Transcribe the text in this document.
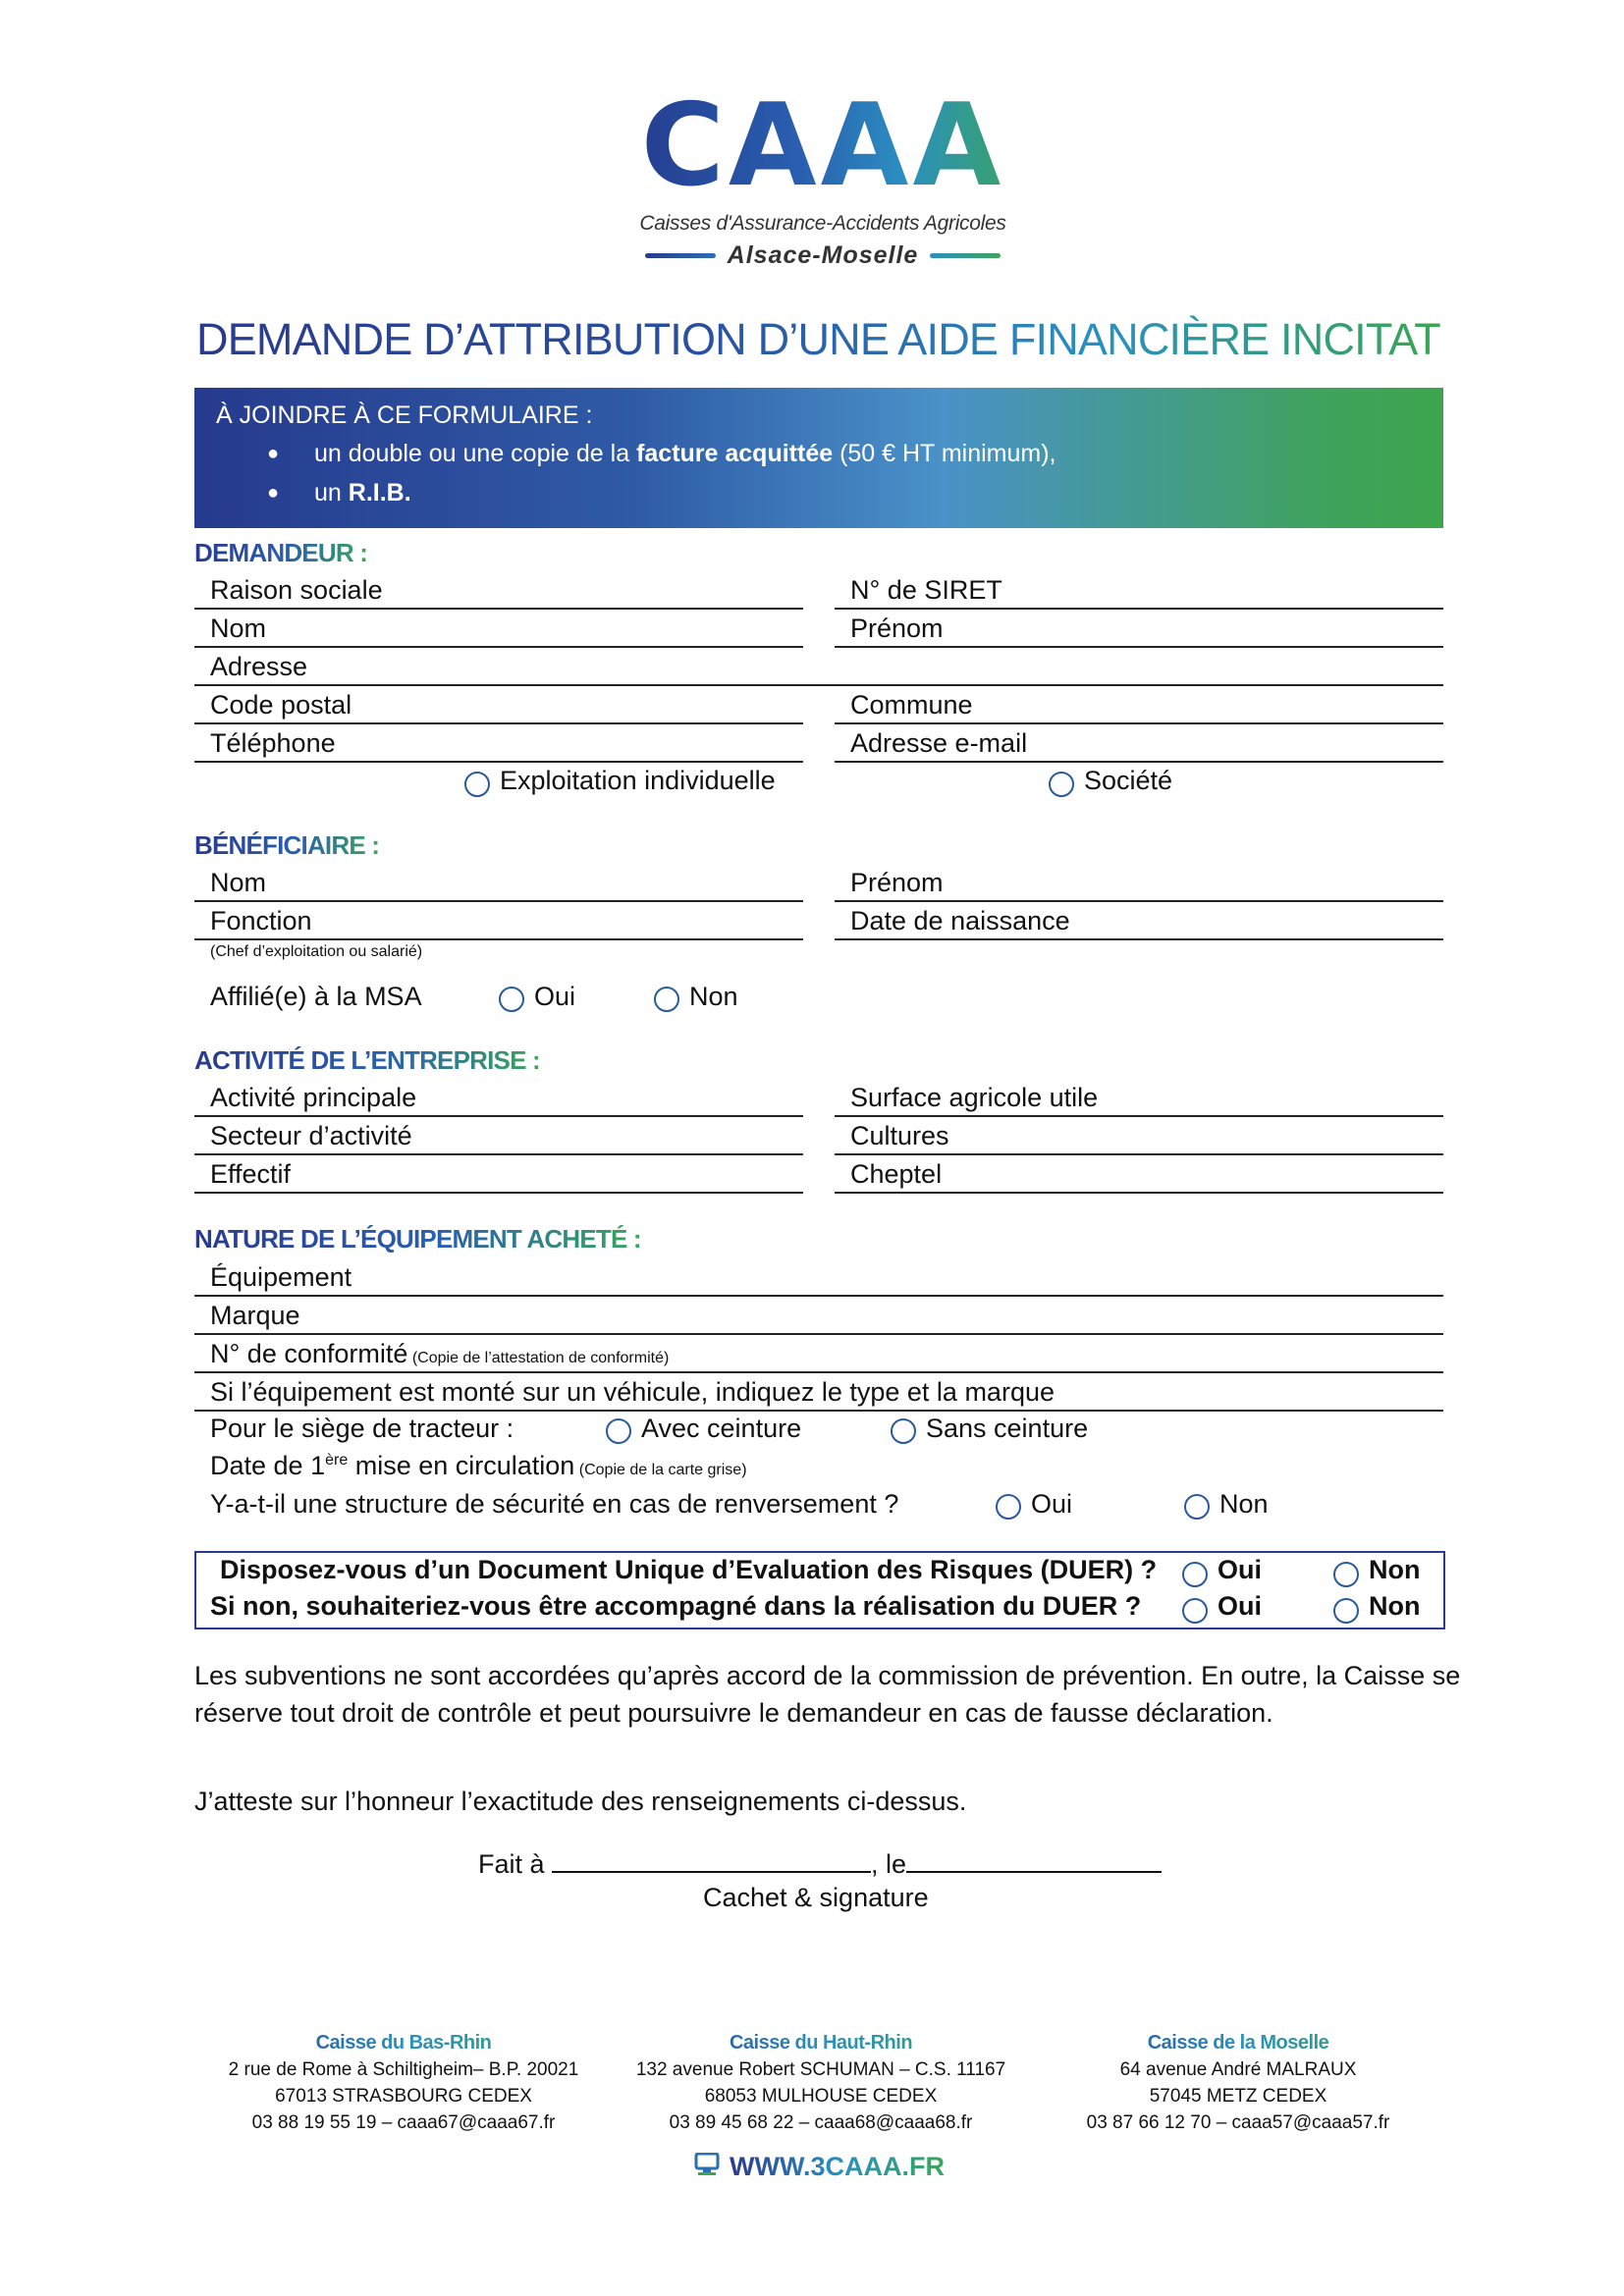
CAAA
Caisses d'Assurance-Accidents Agricoles
Alsace-Moselle
DEMANDE D’ATTRIBUTION D’UNE AIDE FINANCIÈRE INCITATIVE
À JOINDRE À CE FORMULAIRE :
● un double ou une copie de la facture acquittée (50 € HT minimum),
● un R.I.B.
DEMANDEUR :
Raison sociale	N° de SIRET
Nom	Prénom
Adresse
Code postal	Commune
Téléphone	Adresse e-mail
Exploitation individuelle	Société
BÉNÉFICIAIRE :
Nom	Prénom
Fonction	Date de naissance
(Chef d’exploitation ou salarié)
Affilié(e) à la MSA	Oui	Non
ACTIVITÉ DE L’ENTREPRISE :
Activité principale	Surface agricole utile
Secteur d’activité	Cultures
Effectif	Cheptel
NATURE DE L’ÉQUIPEMENT ACHETÉ :
Équipement
Marque
N° de conformité (Copie de l’attestation de conformité)
Si l’équipement est monté sur un véhicule, indiquez le type et la marque
Pour le siège de tracteur :	Avec ceinture	Sans ceinture
Date de 1ère mise en circulation (Copie de la carte grise)
Y-a-t-il une structure de sécurité en cas de renversement ?	Oui	Non
Disposez-vous d’un Document Unique d’Evaluation des Risques (DUER) ? Oui	Non
Si non, souhaiteriez-vous être accompagné dans la réalisation du DUER ?	Oui	Non
Les subventions ne sont accordées qu’après accord de la commission de prévention. En outre, la Caisse se réserve tout droit de contrôle et peut poursuivre le demandeur en cas de fausse déclaration.
J’atteste sur l’honneur l’exactitude des renseignements ci-dessus.
Fait à	, le
Cachet & signature
Caisse du Bas-Rhin
2 rue de Rome à Schiltigheim– B.P. 20021
67013 STRASBOURG CEDEX
03 88 19 55 19 – caaa67@caaa67.fr
Caisse du Haut-Rhin
132 avenue Robert SCHUMAN – C.S. 11167
68053 MULHOUSE CEDEX
03 89 45 68 22 – caaa68@caaa68.fr
Caisse de la Moselle
64 avenue André MALRAUX
57045 METZ CEDEX
03 87 66 12 70 – caaa57@caaa57.fr
WWW.3CAAA.FR
